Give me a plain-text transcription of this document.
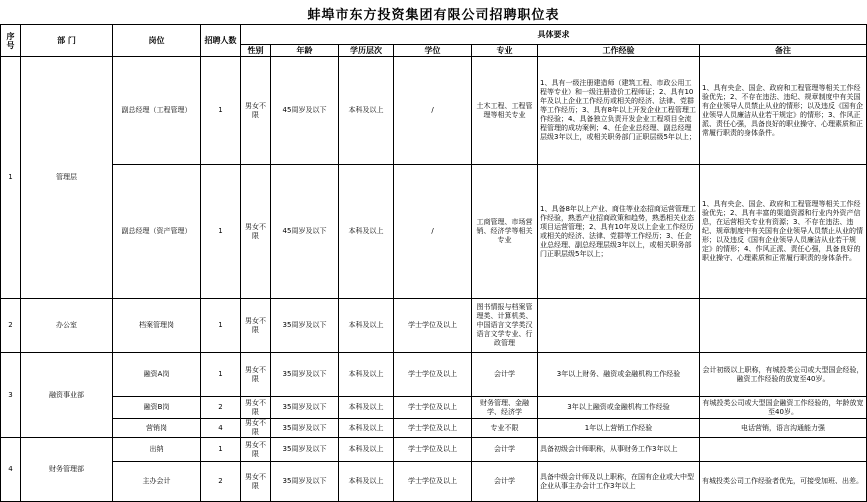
蚌埠市东方投资集团有限公司招聘职位表
序号	部 门	岗位	招聘人数	具体要求						
				性别	年龄	学历层次	学位	专业	工作经验	备注
1	管理层	副总经理（工程管理）	1	男女不限	45周岁及以下	本科及以上	/	土木工程、工程管理等相关专业	1、具有一级注册建造师（建筑工程、市政公用工程等专业）和一级注册造价工程师证；2、具有10年及以上企业工作经历或相关的经济、法律、党群等工作经历；3、具有8年以上开发企业工程管理工作经验；4、具备独立负责开发企业工程项目全流程管理的成功案例；4、任企业总经理、副总经理层级3年以上，或相关职务部门正职层级5年以上；	1、具有央企、国企、政府和工程管理等相关工作经验优先；2、不存在违法、违纪、规章制度中有关国有企业领导人员禁止从业的情形；以及违反《国有企业领导人员廉洁从业若干规定》的情形；3、作风正派、责任心强，具备良好的职业操守、心理素质和正常履行职责的身体条件。
		副总经理（资产管理）	1	男女不限	45周岁及以下	本科及以上	/	工商管理、市场营销、经济学等相关专业	1、具备8年以上产业、商住等业态招商运营管理工作经验，熟悉产业招商政策和趋势，熟悉相关业态项目运营管理；2、具有10年及以上企业工作经历或相关的经济、法律、党群等工作经历；3、任企业总经理、副总经理层级3年以上，或相关职务部门正职层级5年以上；	1、具有央企、国企、政府和工程管理等相关工作经验优先；2、具有丰富的渠道资源和行业内外资产信息，在运营相关专业有资源；3、不存在违法、违纪、规章制度中有关国有企业领导人员禁止从业的情形；以及违反《国有企业领导人员廉洁从业若干规定》的情形；4、作风正派、责任心强，具备良好的职业操守、心理素质和正常履行职责的身体条件。
2	办公室	档案管理岗	1	男女不限	35周岁及以下	本科及以上	学士学位及以上	图书情报与档案管理类、计算机类、中国语言文学类汉语言文学专业、行政管理		
3	融资事业部	融资A岗	1	男女不限	35周岁及以下	本科及以上	学士学位及以上	会计学	3年以上财务、融资或金融机构工作经验	会计初级以上职称，有城投类公司或大型国企经验，融资工作经验的放宽至40岁。
		融资B岗	2	男女不限	35周岁及以下	本科及以上	学士学位及以上	财务管理、金融学、经济学	3年以上融资或金融机构工作经验	有城投类公司或大型国企融资工作经验的，年龄放宽至40岁。
		营销岗	4	男女不限	35周岁及以下	本科及以上	学士学位及以上	专业不限	1年以上营销工作经验	电话营销，语言沟通能力强
4	财务管理部	出纳	1	男女不限	35周岁及以下	本科及以上	学士学位及以上	会计学	具备初级会计师职称，从事财务工作3年以上	
		主办会计	2	男女不限	35周岁及以下	本科及以上	学士学位及以上	会计学	具备中级会计师及以上职称，在国有企业或大中型企业从事主办会计工作3年以上	有城投类公司工作经验者优先，可接受加班、出差。
